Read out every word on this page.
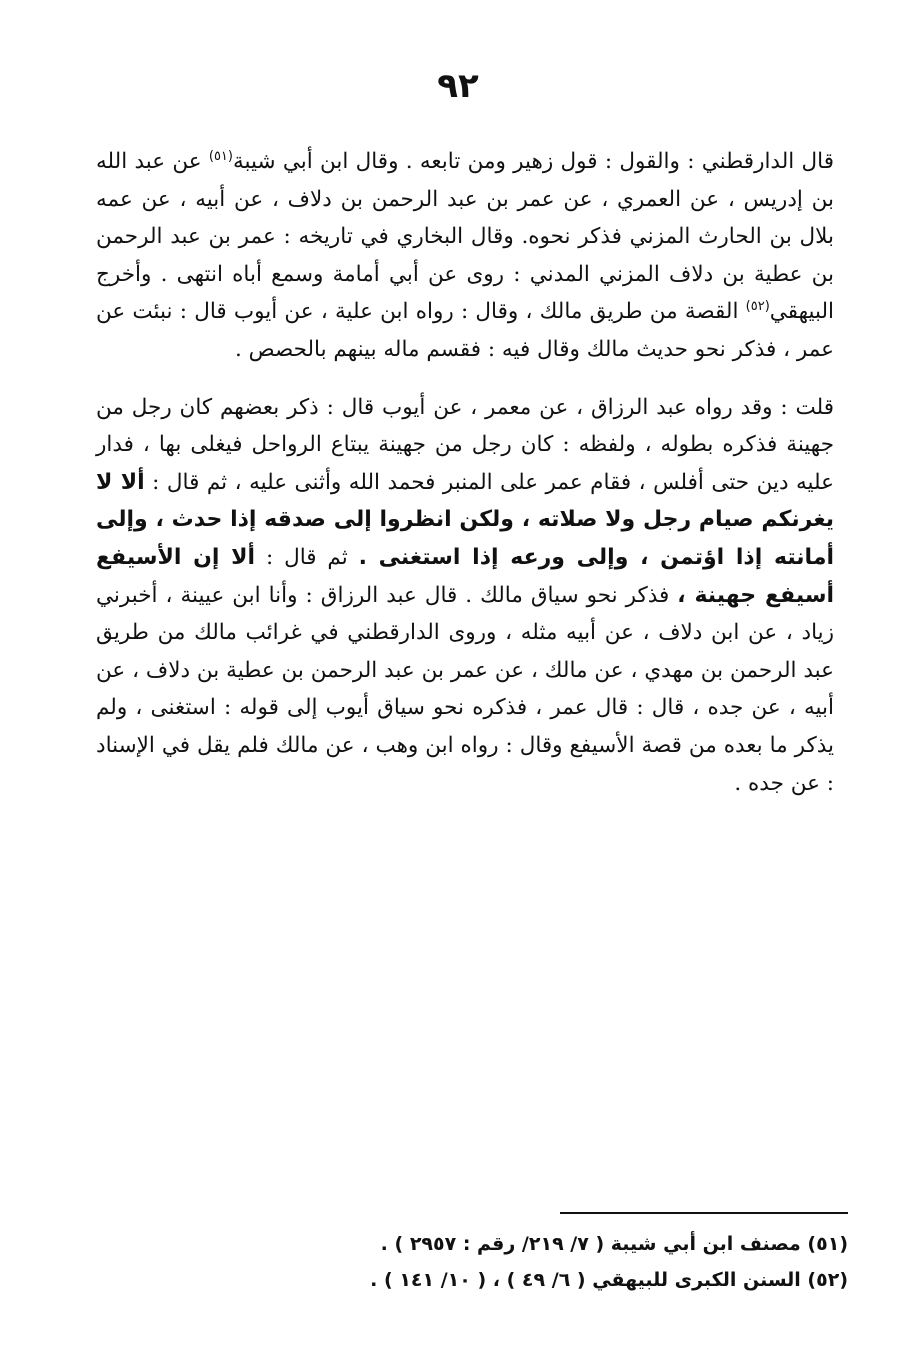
٩٢

قال الدارقطني : والقول : قول زهير ومن تابعه . وقال ابن أبي شيبة$^{(٥١)}$ عن عبد الله بن إدريس ، عن العمري ، عن عمر بن عبد الرحمن بن دلاف ، عن أبيه ، عن عمه بلال بن الحارث المزني فذكر نحوه. وقال البخاري في تاريخه : عمر بن عبد الرحمن بن عطية بن دلاف المزني المدني : روى عن أبي أمامة وسمع أباه انتهى . وأخرج البيهقي$^{(٥٢)}$ القصة من طريق مالك ، وقال : رواه ابن علية ، عن أيوب قال : نبئت عن عمر ، فذكر نحو حديث مالك وقال فيه : فقسم ماله بينهم بالحصص .

قلت : وقد رواه عبد الرزاق ، عن معمر ، عن أيوب قال : ذكر بعضهم كان رجل من جهينة فذكره بطوله ، ولفظه : كان رجل من جهينة يبتاع الرواحل فيغلى بها ، فدار عليه دين حتى أفلس ، فقام عمر على المنبر فحمد الله وأثنى عليه ، ثم قال : ألا لا يغرنكم صيام رجل ولا صلاته ، ولكن انظروا إلى صدقه إذا حدث ، وإلى أمانته إذا اؤتمن ، وإلى ورعه إذا استغنى . ثم قال : ألا إن الأسيفع أسيفع جهينة ، فذكر نحو سياق مالك . قال عبد الرزاق : وأنا ابن عيينة ، أخبرني زياد ، عن ابن دلاف ، عن أبيه مثله ، وروى الدارقطني في غرائب مالك من طريق عبد الرحمن بن مهدي ، عن مالك ، عن عمر بن عبد الرحمن بن عطية بن دلاف ، عن أبيه ، عن جده ، قال : قال عمر ، فذكره نحو سياق أيوب إلى قوله : استغنى ، ولم يذكر ما بعده من قصة الأسيفع وقال : رواه ابن وهب ، عن مالك فلم يقل في الإسناد : عن جده .

(٥١) مصنف ابن أبي شيبة ( ٧/ ٢١٩/ رقم : ٢٩٥٧ ) .

(٥٢) السنن الكبرى للبيهقي ( ٦/ ٤٩ ) ، ( ١٠/ ١٤١ ) .
